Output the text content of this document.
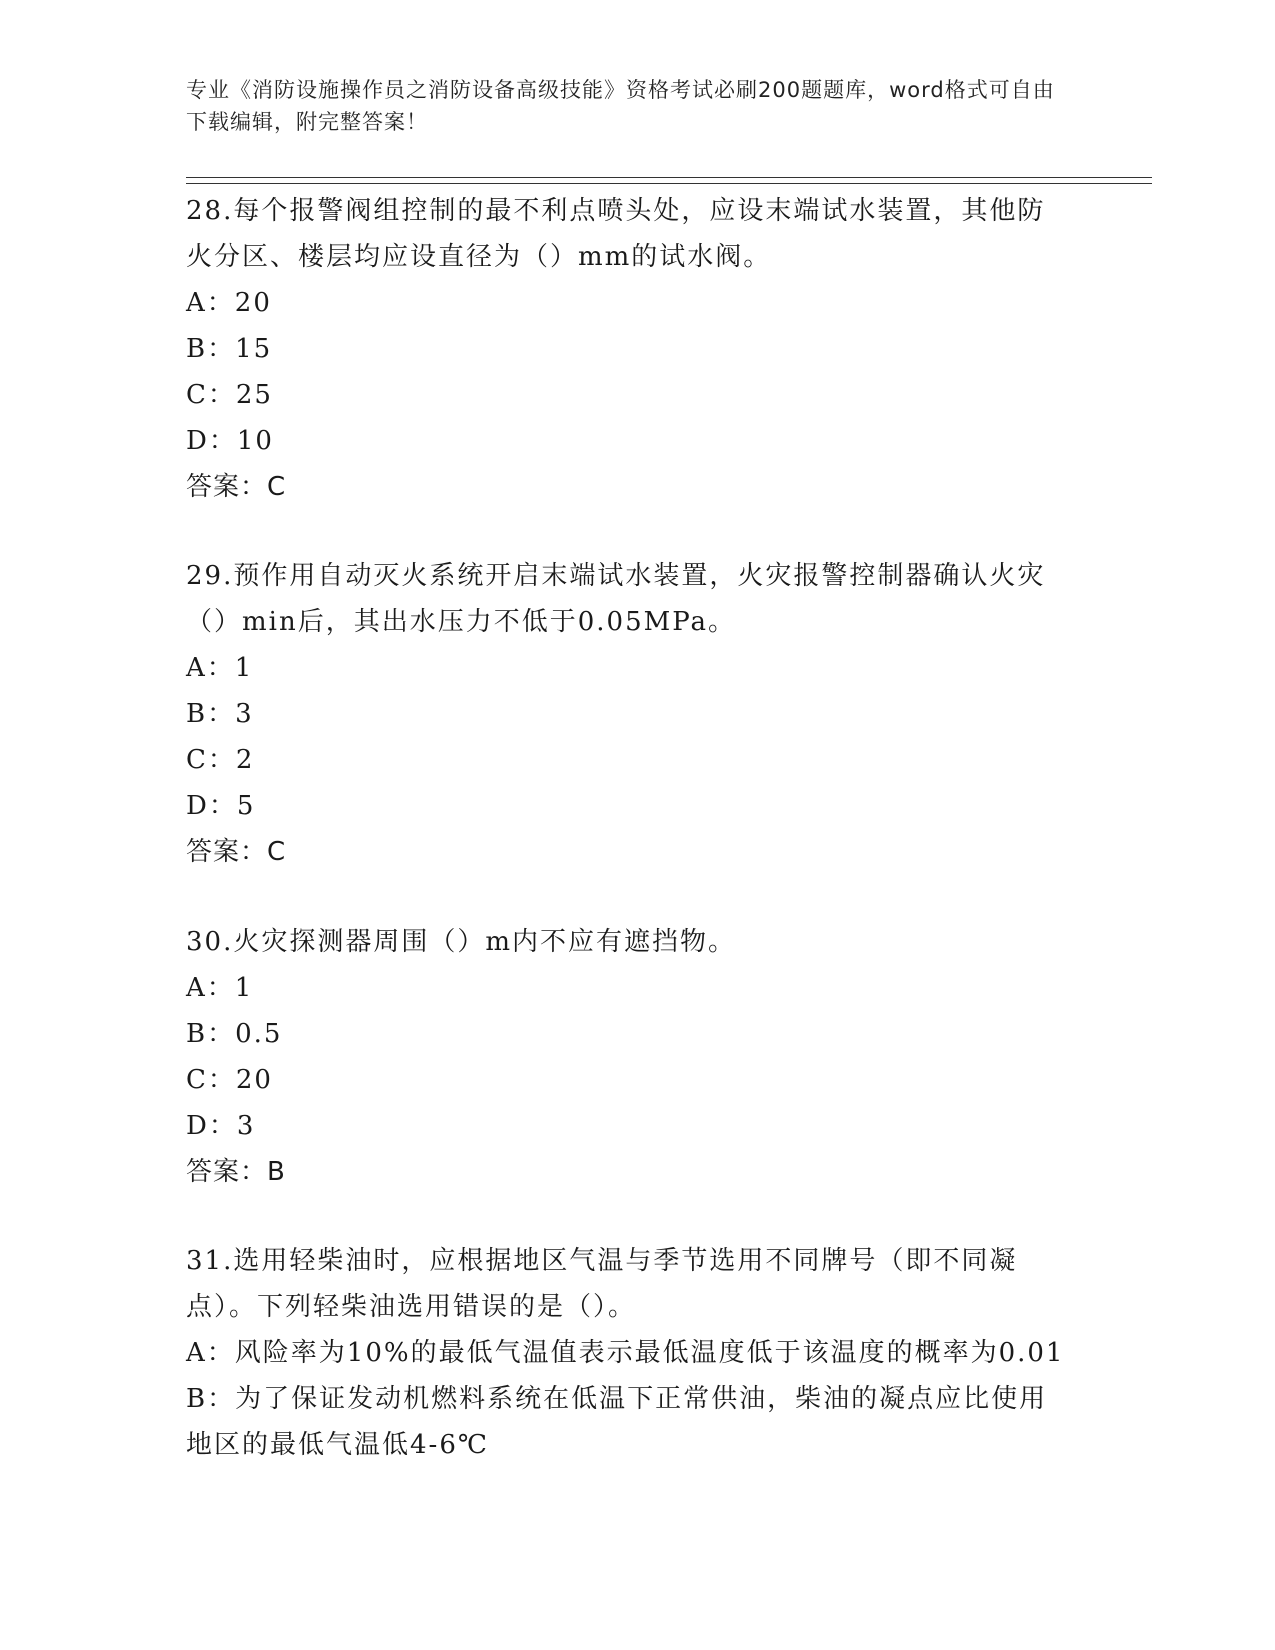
专业《消防设施操作员之消防设备高级技能》资格考试必刷200题题库，word格式可自由下载编辑，附完整答案！

28.每个报警阀组控制的最不利点喷头处，应设末端试水装置，其他防火分区、楼层均应设直径为（）mm的试水阀。

A：20

B：15

C：25

D：10

答案：C

29.预作用自动灭火系统开启末端试水装置，火灾报警控制器确认火灾（）min后，其出水压力不低于0.05MPa。

A：1

B：3

C：2

D：5

答案：C

30.火灾探测器周围（）m内不应有遮挡物。

A：1

B：0.5

C：20

D：3

答案：B

31.选用轻柴油时，应根据地区气温与季节选用不同牌号（即不同凝点）。下列轻柴油选用错误的是（）。

A：风险率为10%的最低气温值表示最低温度低于该温度的概率为0.01

B：为了保证发动机燃料系统在低温下正常供油，柴油的凝点应比使用地区的最低气温低4-6℃
